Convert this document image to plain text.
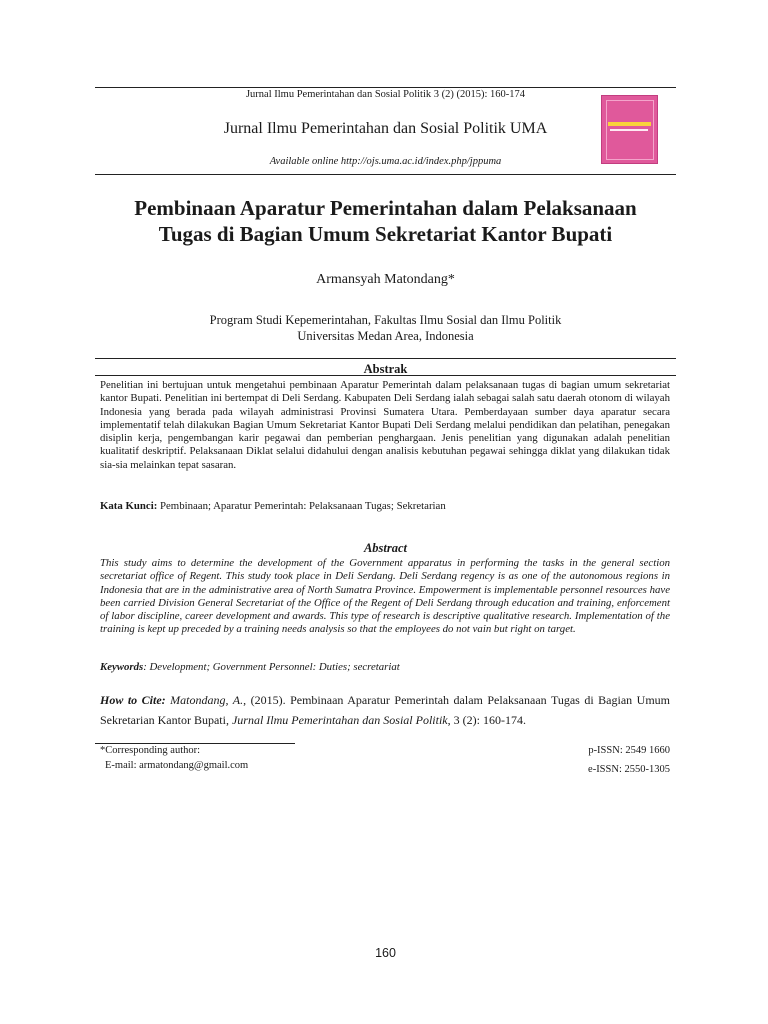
Jurnal Ilmu Pemerintahan dan Sosial Politik 3 (2) (2015): 160-174
Jurnal Ilmu Pemerintahan dan Sosial Politik UMA
Available online http://ojs.uma.ac.id/index.php/jppuma
Pembinaan Aparatur Pemerintahan dalam Pelaksanaan
Tugas di Bagian Umum Sekretariat Kantor Bupati
Armansyah Matondang*
Program Studi Kepemerintahan, Fakultas Ilmu Sosial dan Ilmu Politik
Universitas Medan Area, Indonesia
Abstrak
Penelitian ini bertujuan untuk mengetahui pembinaan Aparatur Pemerintah dalam pelaksanaan tugas di bagian umum sekretariat kantor Bupati. Penelitian ini bertempat di Deli Serdang. Kabupaten Deli Serdang ialah sebagai salah satu daerah otonom di wilayah Indonesia yang berada pada wilayah administrasi Provinsi Sumatera Utara. Pemberdayaan sumber daya aparatur secara implementatif telah dilakukan Bagian Umum Sekretariat Kantor Bupati Deli Serdang melalui pendidikan dan pelatihan, penegakan disiplin kerja, pengembangan karir pegawai dan pemberian penghargaan. Jenis penelitian yang digunakan adalah penelitian kualitatif deskriptif. Pelaksanaan Diklat selalui didahului dengan analisis kebutuhan pegawai sehingga diklat yang dilakukan tidak sia-sia melainkan tepat sasaran.
Kata Kunci: Pembinaan; Aparatur Pemerintah: Pelaksanaan Tugas; Sekretarian
Abstract
This study aims to determine the development of the Government apparatus in performing the tasks in the general section secretariat office of Regent. This study took place in Deli Serdang. Deli Serdang regency is as one of the autonomous regions in Indonesia that are in the administrative area of North Sumatra Province. Empowerment is implementable personnel resources have been carried Division General Secretariat of the Office of the Regent of Deli Serdang through education and training, enforcement of labor discipline, career development and awards. This type of research is descriptive qualitative research. Implementation of the training is kept up preceded by a training needs analysis so that the employees do not vain but right on target.
Keywords: Development; Government Personnel: Duties; secretariat
How to Cite: Matondang, A., (2015). Pembinaan Aparatur Pemerintah dalam Pelaksanaan Tugas di Bagian Umum Sekretarian Kantor Bupati, Jurnal Ilmu Pemerintahan dan Sosial Politik, 3 (2): 160-174.
*Corresponding author:
E-mail: armatondang@gmail.com
p-ISSN: 2549 1660
e-ISSN: 2550-1305
160
